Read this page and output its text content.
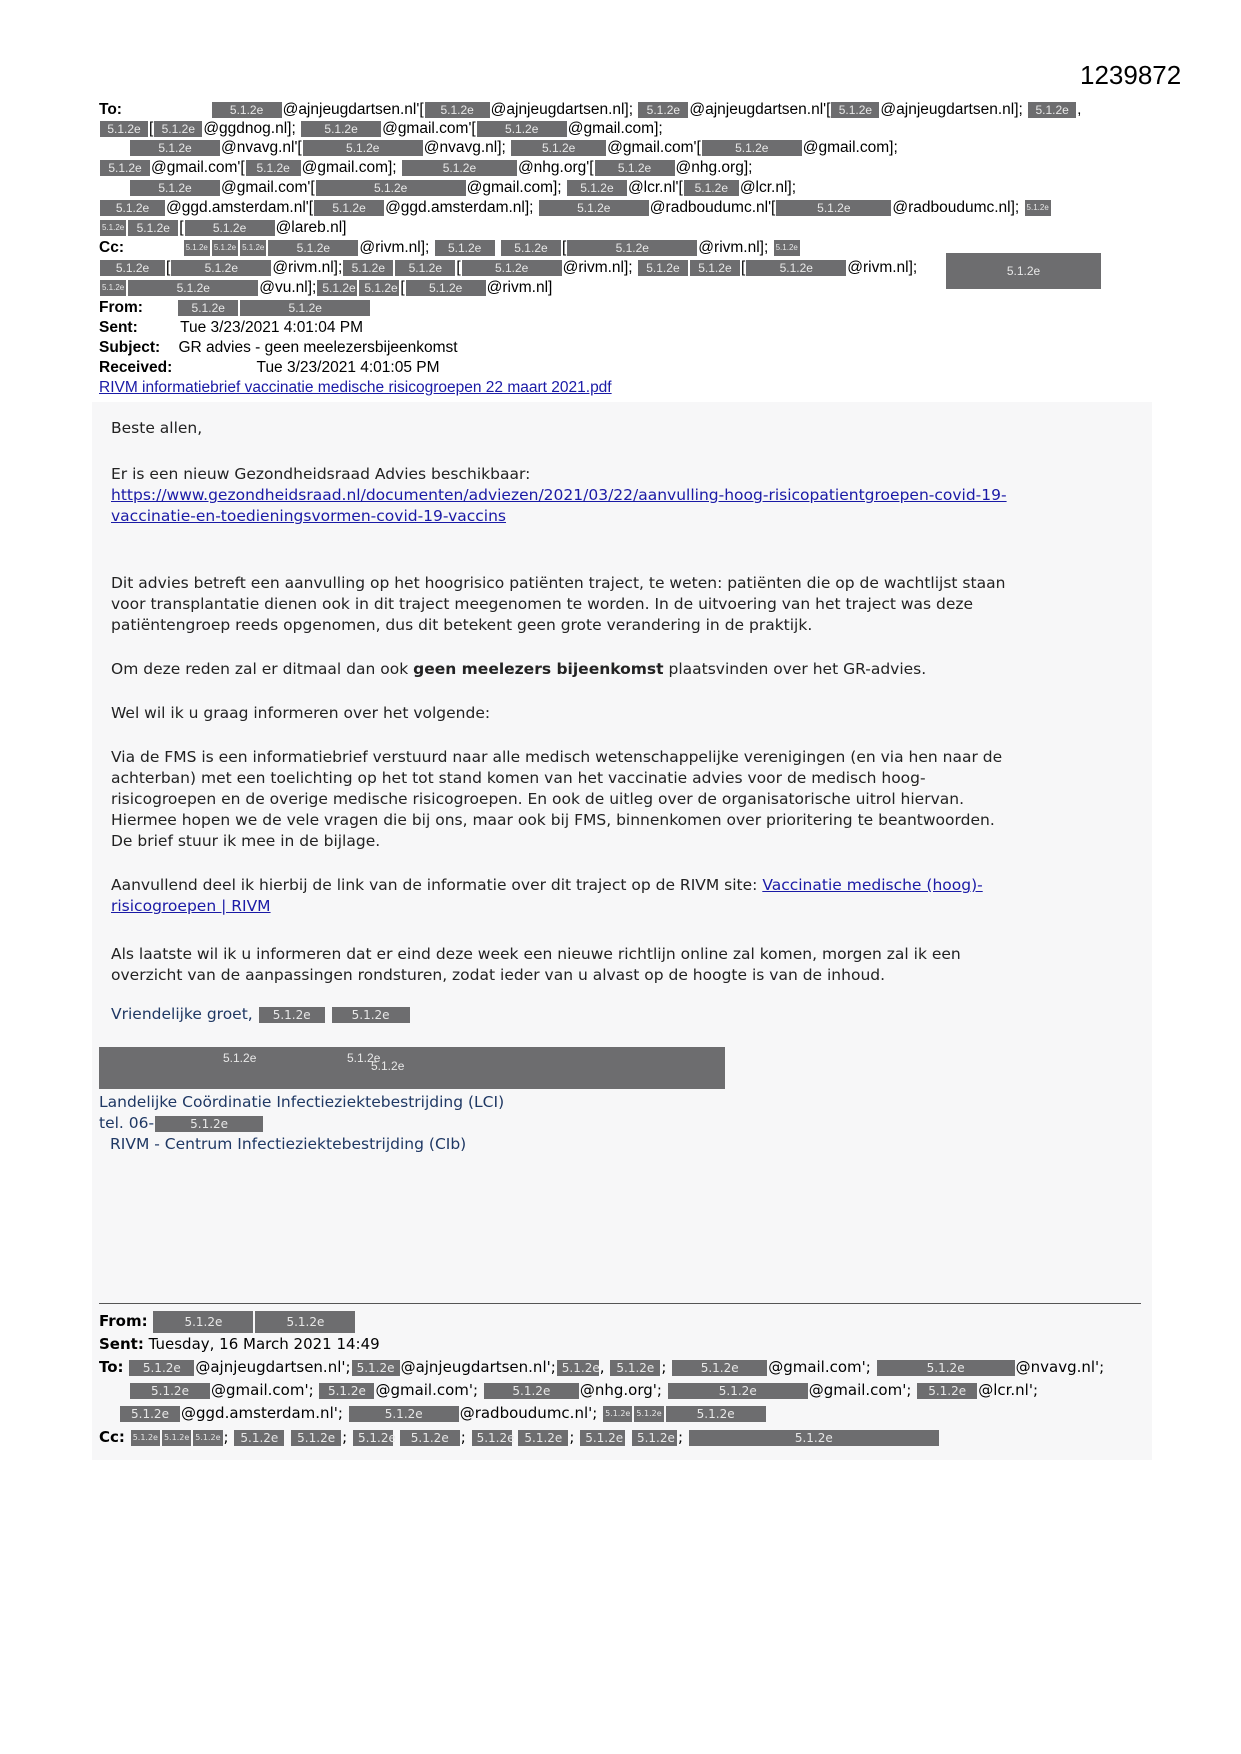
1239872
To:	5.1.2e @ajnjeugdartsen.nl'[ 5.1.2e @ajnjeugdartsen.nl]; 5.1.2e @ajnjeugdartsen.nl'[ 5.1.2e @ajnjeugdartsen.nl]; 5.1.2e ,
5.1.2e [ 5.1.2e @ggdnog.nl]; 5.1.2e @gmail.com'[ 5.1.2e @gmail.com];
5.1.2e @nvavg.nl'[	5.1.2e	@nvavg.nl];	5.1.2e @gmail.com'[	5.1.2e @gmail.com];
5.1.2e @gmail.com'[ 5.1.2e @gmail.com];	5.1.2e	@nhg.org'[ 5.1.2e @nhg.org];
5.1.2e @gmail.com'[	5.1.2e	@gmail.com]; 5.1.2e @lcr.nl'[ 5.1.2e @lcr.nl];
5.1.2e @ggd.amsterdam.nl'[ 5.1.2e @ggd.amsterdam.nl];	5.1.2e	@radboudumc.nl'[	5.1.2e	@radboudumc.nl]; 5.1.2e
5.1.2e 5.1.2e [ 5.1.2e @lareb.nl]
Cc:	5.1.2e 5.1.2e 5.1.2e	5.1.2e @rivm.nl]; 5.1.2e	5.1.2e [	5.1.2e	@rivm.nl]; 5.1.2e
5.1.2e [	5.1.2e @rivm.nl]; 5.1.2e 5.1.2e [	5.1.2e @rivm.nl]; 5.1.2e 5.1.2e [	5.1.2e @rivm.nl];	5.1.2e
5.1.2e	5.1.2e	@vu.nl]; 5.1.2e 5.1.2e [ 5.1.2e @rivm.nl]
From:	5.1.2e	5.1.2e
Sent:	Tue 3/23/2021 4:01:04 PM
Subject: GR advies - geen meelezersbijeenkomst
Received:	Tue 3/23/2021 4:01:05 PM
RIVM informatiebrief vaccinatie medische risicogroepen 22 maart 2021.pdf
Beste allen,
Er is een nieuw Gezondheidsraad Advies beschikbaar:
https://www.gezondheidsraad.nl/documenten/adviezen/2021/03/22/aanvulling-hoog-risicopatientgroepen-covid-19-
vaccinatie-en-toedieningsvormen-covid-19-vaccins
Dit advies betreft een aanvulling op het hoogrisico patiënten traject, te weten: patiënten die op de wachtlijst staan
voor transplantatie dienen ook in dit traject meegenomen te worden. In de uitvoering van het traject was deze
patiëntengroep reeds opgenomen, dus dit betekent geen grote verandering in de praktijk.
Om deze reden zal er ditmaal dan ook geen meelezers bijeenkomst plaatsvinden over het GR-advies.
Wel wil ik u graag informeren over het volgende:
Via de FMS is een informatiebrief verstuurd naar alle medisch wetenschappelijke verenigingen (en via hen naar de
achterban) met een toelichting op het tot stand komen van het vaccinatie advies voor de medisch hoog-
risicogroepen en de overige medische risicogroepen. En ook de uitleg over de organisatorische uitrol hiervan.
Hiermee hopen we de vele vragen die bij ons, maar ook bij FMS, binnenkomen over prioritering te beantwoorden.
De brief stuur ik mee in de bijlage.
Aanvullend deel ik hierbij de link van de informatie over dit traject op de RIVM site: Vaccinatie medische (hoog)-
risicogroepen | RIVM
Als laatste wil ik u informeren dat er eind deze week een nieuwe richtlijn online zal komen, morgen zal ik een
overzicht van de aanpassingen rondsturen, zodat ieder van u alvast op de hoogte is van de inhoud.
Vriendelijke groet, 5.1.2e	5.1.2e
5.1.2e	5.1.2e
5.1.2e
Landelijke Coördinatie Infectieziektebestrijding (LCI)
tel. 06-	5.1.2e
RIVM - Centrum Infectieziektebestrijding (CIb)
From:	5.1.2e	5.1.2e
Sent: Tuesday, 16 March 2021 14:49
To: 5.1.2e @ajnjeugdartsen.nl'; 5.1.2e @ajnjeugdartsen.nl'; 5.1.2e, 5.1.2e ;	5.1.2e @gmail.com';	5.1.2e	@nvavg.nl';
5.1.2e @gmail.com'; 5.1.2e @gmail.com';	5.1.2e @nhg.org';	5.1.2e	@gmail.com'; 5.1.2e @lcr.nl';
5.1.2e @ggd.amsterdam.nl';	5.1.2e @radboudumc.nl'; 5.1.2e 5.1.2e	5.1.2e
Cc: 5.1.2e 5.1.2e 5.1.2e ; 5.1.2e 5.1.2e ; 5.1.2e 5.1.2e ; 5.1.2e 5.1.2e ; 5.1.2e 5.1.2e ;	5.1.2e
